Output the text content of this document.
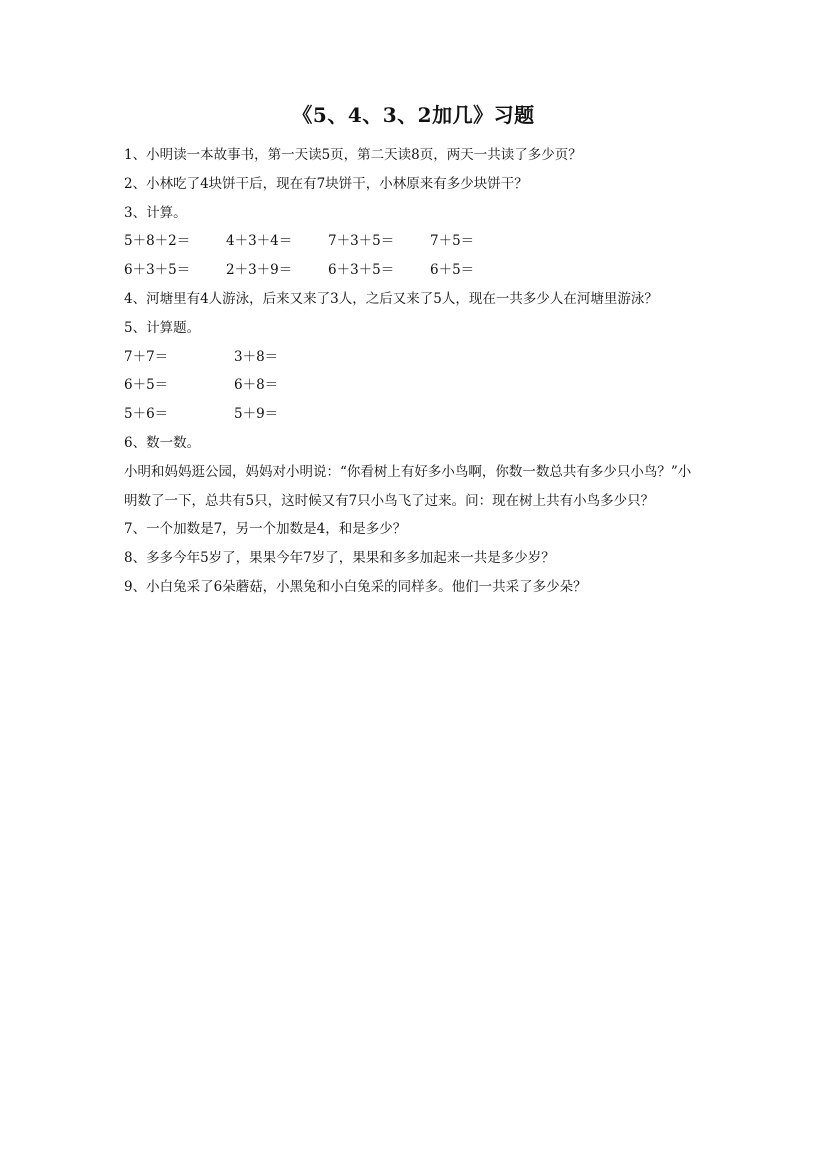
《5、4、3、2加几》习题
1、小明读一本故事书，第一天读5页，第二天读8页，两天一共读了多少页？
2、小林吃了4块饼干后，现在有7块饼干，小林原来有多少块饼干？
3、计算。
5＋8＋2＝	4＋3＋4＝	7＋3＋5＝	7＋5＝
6＋3＋5＝	2＋3＋9＝	6＋3＋5＝	6＋5＝
4、河塘里有4人游泳，后来又来了3人，之后又来了5人，现在一共多少人在河塘里游泳？
5、计算题。
7＋7＝	3＋8＝
6＋5＝	6＋8＝
5＋6＝	5＋9＝
6、数一数。
小明和妈妈逛公园，妈妈对小明说：“你看树上有好多小鸟啊，你数一数总共有多少只小鸟？”小明数了一下，总共有5只，这时候又有7只小鸟飞了过来。问：现在树上共有小鸟多少只？
7、一个加数是7，另一个加数是4，和是多少？
8、多多今年5岁了，果果今年7岁了，果果和多多加起来一共是多少岁？
9、小白兔采了6朵蘑菇，小黑兔和小白兔采的同样多。他们一共采了多少朵？
